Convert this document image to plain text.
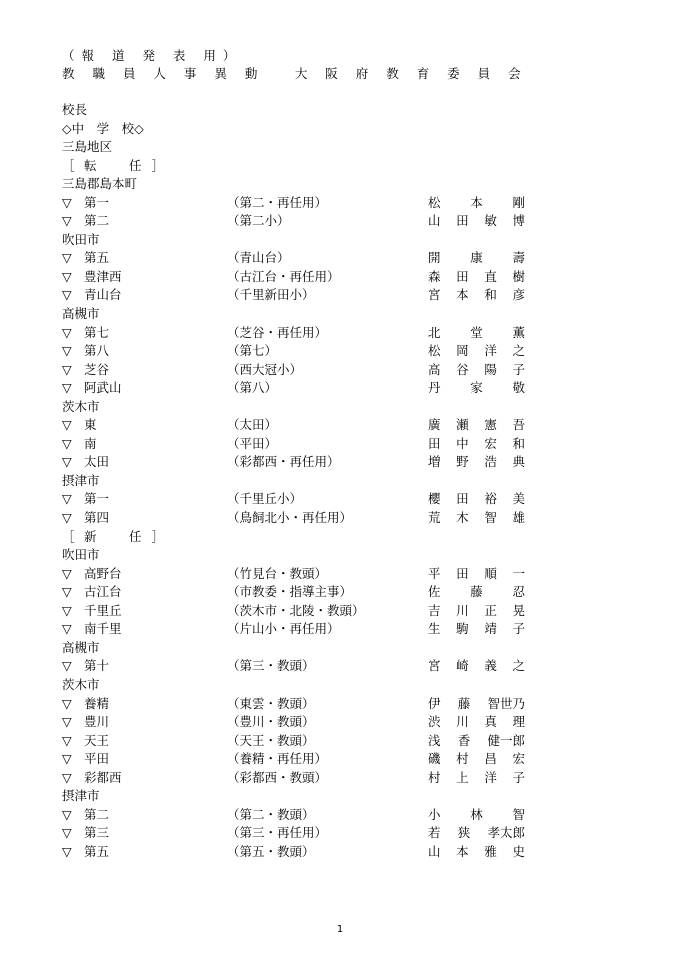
（報 道 発 表 用）
教 職 員 人 事 異 動 　大 阪 府 教 育 委 員 会
校長
◇中　学　校◇
三島地区
［ 転　任］
三島郡島本町
▽ 第一	（第二・再任用）	松 本 剛
▽ 第二	（第二小）	山 田 敏 博
吹田市
▽ 第五	（青山台）	開 康 壽
▽ 豊津西	（古江台・再任用）	森 田 直 樹
▽ 青山台	（千里新田小）	宮 本 和 彦
高槻市
▽ 第七	（芝谷・再任用）	北 堂 薫
▽ 第八	（第七）	松 岡 洋 之
▽ 芝谷	（西大冠小）	高 谷 陽 子
▽ 阿武山	（第八）	丹 家 敬
茨木市
▽ 東	（太田）	廣 瀬 憲 吾
▽ 南	（平田）	田 中 宏 和
▽ 太田	（彩都西・再任用）	増 野 浩 典
摂津市
▽ 第一	（千里丘小）	櫻 田 裕 美
▽ 第四	（鳥飼北小・再任用）	荒 木 智 雄
［ 新　任］
吹田市
▽ 高野台	（竹見台・教頭）	平 田 順 一
▽ 古江台	（市教委・指導主事）	佐 藤 忍
▽ 千里丘	（茨木市・北陵・教頭）	吉 川 正 晃
▽ 南千里	（片山小・再任用）	生 駒 靖 子
高槻市
▽ 第十	（第三・教頭）	宮 崎 義 之
茨木市
▽ 養精	（東雲・教頭）	伊 藤 智世乃
▽ 豊川	（豊川・教頭）	渋 川 真 理
▽ 天王	（天王・教頭）	浅 香 健一郎
▽ 平田	（養精・再任用）	磯 村 昌 宏
▽ 彩都西	（彩都西・教頭）	村 上 洋 子
摂津市
▽ 第二	（第二・教頭）	小 林 智
▽ 第三	（第三・再任用）	若 狭 孝太郎
▽ 第五	（第五・教頭）	山 本 雅 史
1
